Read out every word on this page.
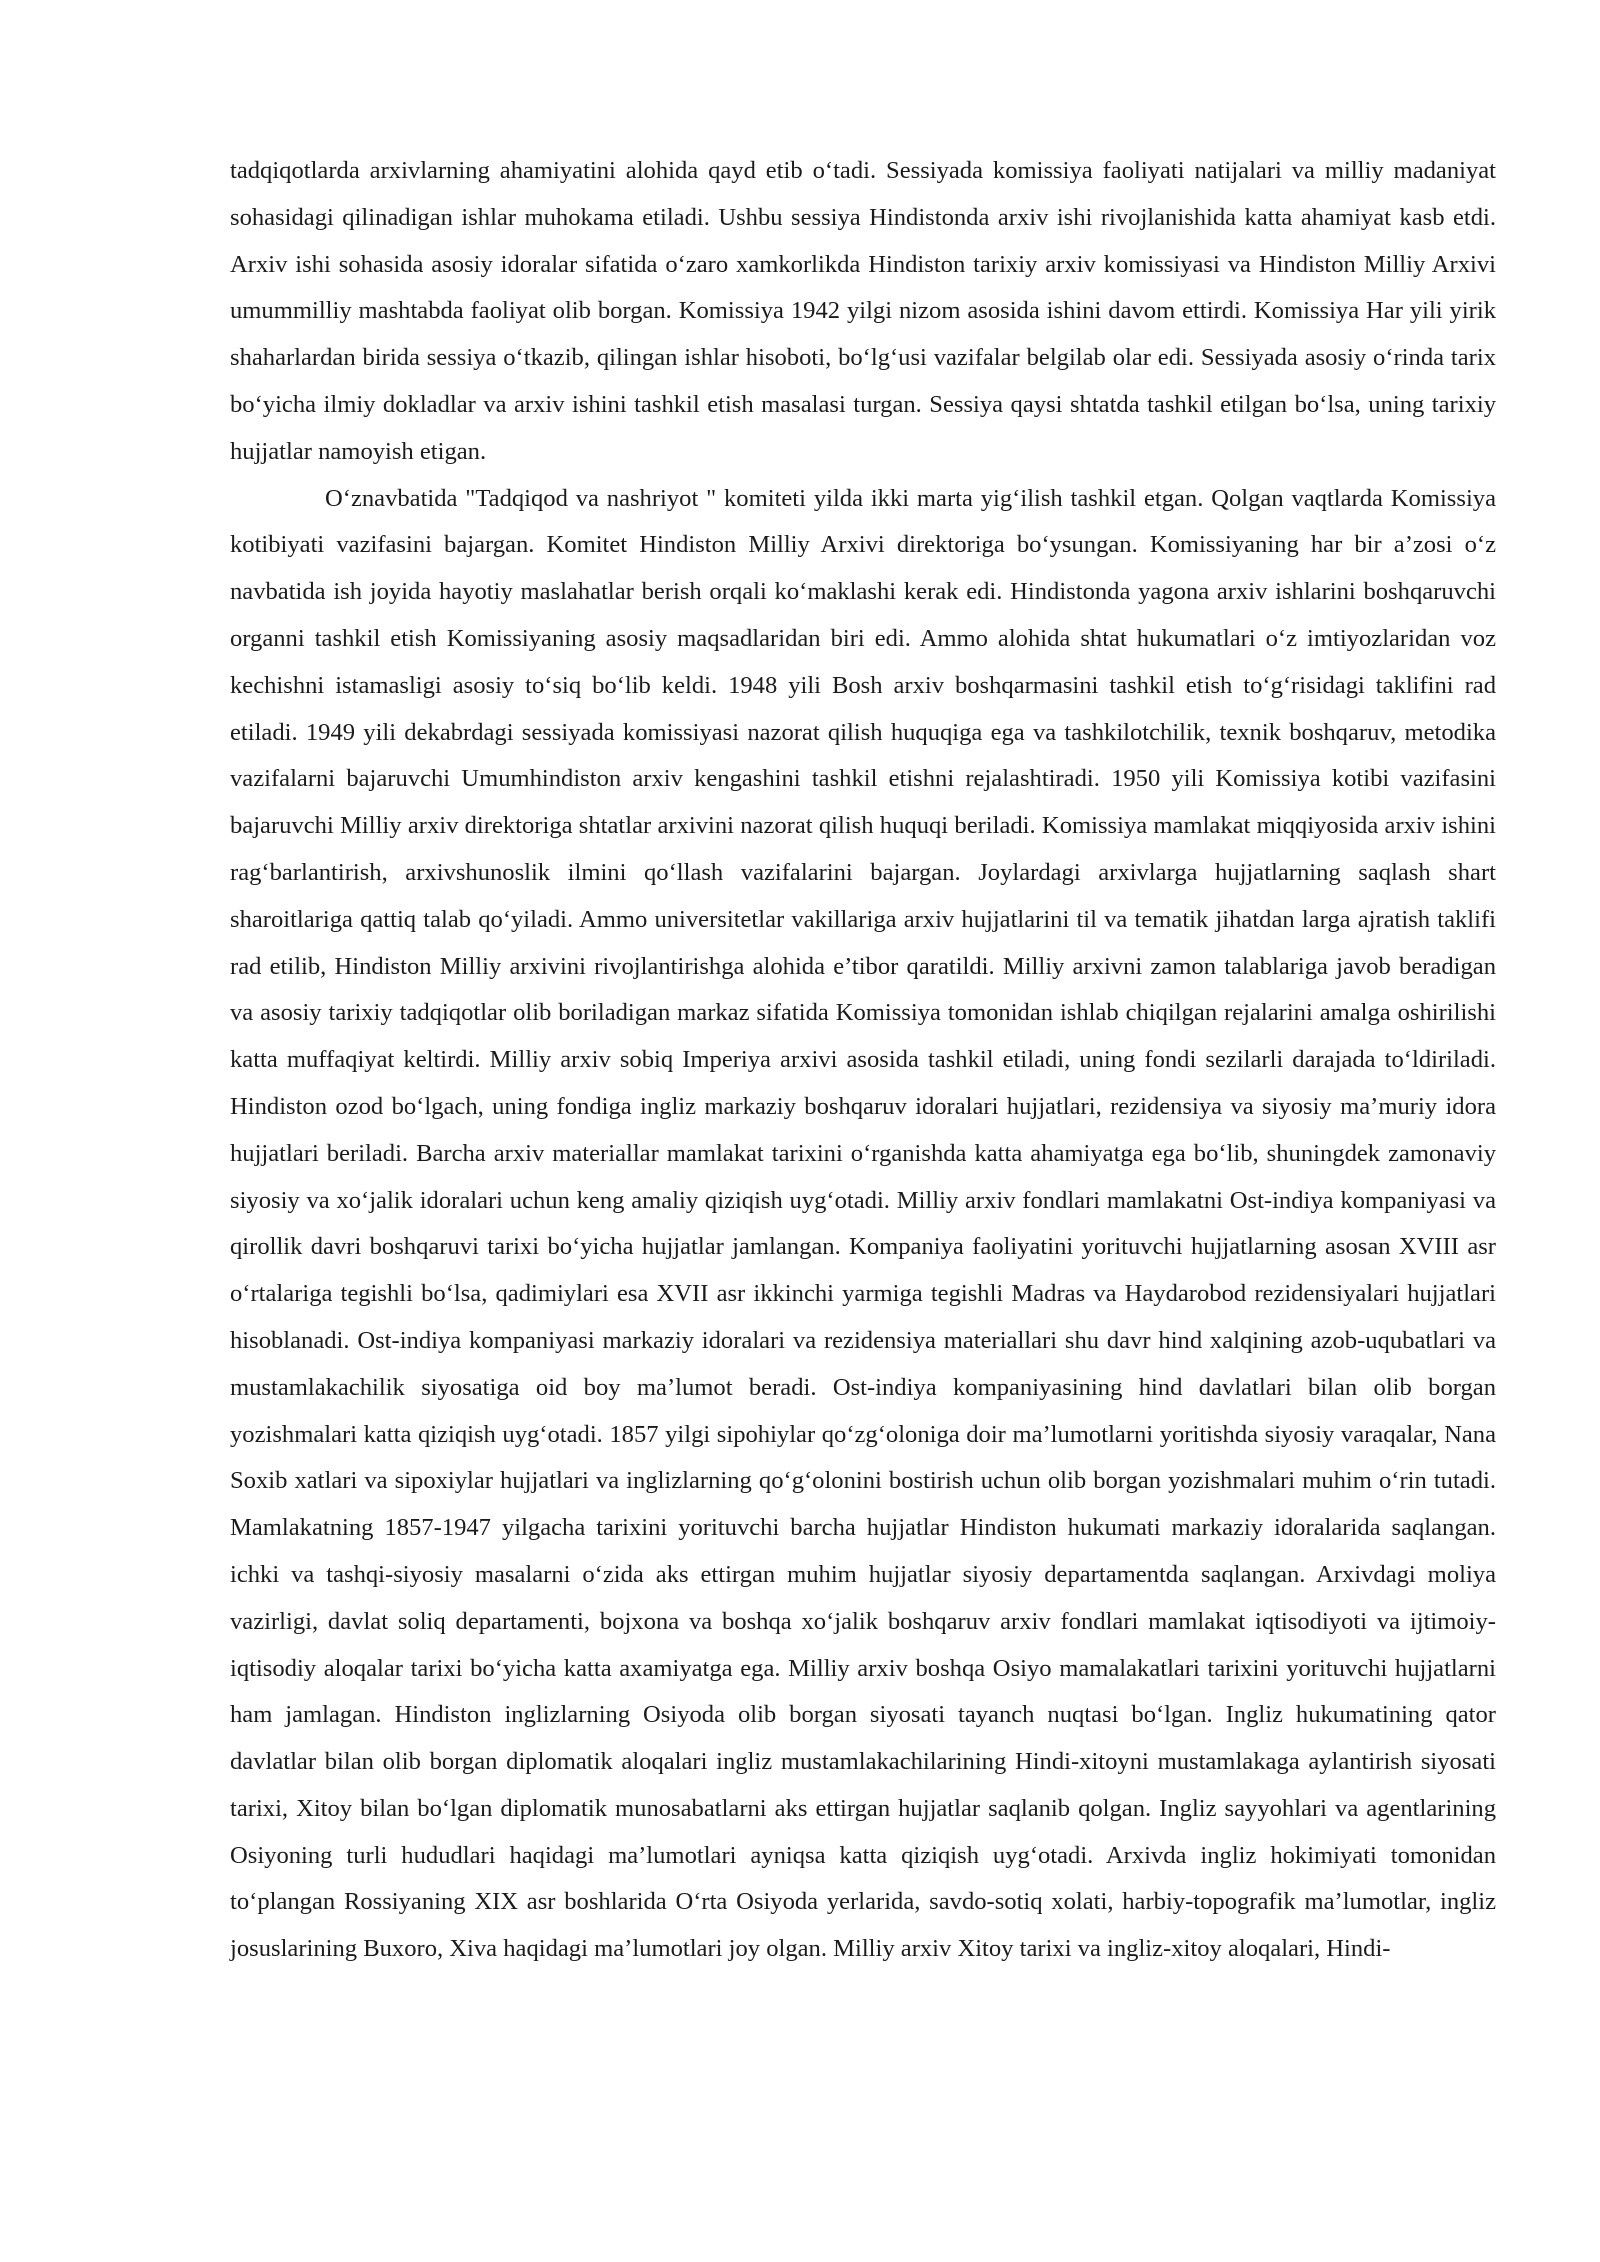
tadqiqotlarda arxivlarning ahamiyatini alohida qayd etib o‘tadi. Sessiyada komissiya faoliyati natijalari va milliy madaniyat sohasidagi qilinadigan ishlar muhokama etiladi. Ushbu sessiya Hindistonda arxiv ishi rivojlanishida katta ahamiyat kasb etdi. Arxiv ishi sohasida asosiy idoralar sifatida o‘zaro xamkorlikda Hindiston tarixiy arxiv komissiyasi va Hindiston Milliy Arxivi umummilliy mashtabda faoliyat olib borgan. Komissiya 1942 yilgi nizom asosida ishini davom ettirdi. Komissiya Har yili yirik shaharlardan birida sessiya o‘tkazib, qilingan ishlar hisoboti, bo‘lg‘usi vazifalar belgilab olar edi. Sessiyada asosiy o‘rinda tarix bo‘yicha ilmiy dokladlar va arxiv ishini tashkil etish masalasi turgan. Sessiya qaysi shtatda tashkil etilgan bo‘lsa, uning tarixiy hujjatlar namoyish etigan.

O‘znavbatida "Tadqiqod va nashriyot " komiteti yilda ikki marta yig‘ilish tashkil etgan. Qolgan vaqtlarda Komissiya kotibiyati vazifasini bajargan. Komitet Hindiston Milliy Arxivi direktoriga bo‘ysungan. Komissiyaning har bir a’zosi o‘z navbatida ish joyida hayotiy maslahatlar berish orqali ko‘maklashi kerak edi. Hindistonda yagona arxiv ishlarini boshqaruvchi organni tashkil etish Komissiyaning asosiy maqsadlaridan biri edi. Ammo alohida shtat hukumatlari o‘z imtiyozlaridan voz kechishni istamasligi asosiy to‘siq bo‘lib keldi. 1948 yili Bosh arxiv boshqarmasini tashkil etish to‘g‘risidagi taklifini rad etiladi. 1949 yili dekabrdagi sessiyada komissiyasi nazorat qilish huquqiga ega va tashkilotchilik, texnik boshqaruv, metodika vazifalarni bajaruvchi Umumhindiston arxiv kengashini tashkil etishni rejalashtiradi. 1950 yili Komissiya kotibi vazifasini bajaruvchi Milliy arxiv direktoriga shtatlar arxivini nazorat qilish huquqi beriladi. Komissiya mamlakat miqqiyosida arxiv ishini rag‘barlantirish, arxivshunoslik ilmini qo‘llash vazifalarini bajargan. Joylardagi arxivlarga hujjatlarning saqlash shart sharoitlariga qattiq talab qo‘yiladi. Ammo universitetlar vakillariga arxiv hujjatlarini til va tematik jihatdan larga ajratish taklifi rad etilib, Hindiston Milliy arxivini rivojlantirishga alohida e’tibor qaratildi. Milliy arxivni zamon talablariga javob beradigan va asosiy tarixiy tadqiqotlar olib boriladigan markaz sifatida Komissiya tomonidan ishlab chiqilgan rejalarini amalga oshirilishi katta muffaqiyat keltirdi. Milliy arxiv sobiq Imperiya arxivi asosida tashkil etiladi, uning fondi sezilarli darajada to‘ldiriladi. Hindiston ozod bo‘lgach, uning fondiga ingliz markaziy boshqaruv idoralari hujjatlari, rezidensiya va siyosiy ma’muriy idora hujjatlari beriladi. Barcha arxiv materiallar mamlakat tarixini o‘rganishda katta ahamiyatga ega bo‘lib, shuningdek zamonaviy siyosiy va xo‘jalik idoralari uchun keng amaliy qiziqish uyg‘otadi. Milliy arxiv fondlari mamlakatni Ost-indiya kompaniyasi va qirollik davri boshqaruvi tarixi bo‘yicha hujjatlar jamlangan. Kompaniya faoliyatini yorituvchi hujjatlarning asosan XVIII asr o‘rtalariga tegishli bo‘lsa, qadimiylari esa XVII asr ikkinchi yarmiga tegishli Madras va Haydarobod rezidensiyalari hujjatlari hisoblanadi. Ost-indiya kompaniyasi markaziy idoralari va rezidensiya materiallari shu davr hind xalqining azob-uqubatlari va mustamlakachilik siyosatiga oid boy ma’lumot beradi. Ost-indiya kompaniyasining hind davlatlari bilan olib borgan yozishmalari katta qiziqish uyg‘otadi. 1857 yilgi sipohiylar qo‘zg‘oloniga doir ma’lumotlarni yoritishda siyosiy varaqalar, Nana Soxib xatlari va sipoxiylar hujjatlari va inglizlarning qo‘g‘olonini bostirish uchun olib borgan yozishmalari muhim o‘rin tutadi. Mamlakatning 1857-1947 yilgacha tarixini yorituvchi barcha hujjatlar Hindiston hukumati markaziy idoralarida saqlangan. ichki va tashqi-siyosiy masalarni o‘zida aks ettirgan muhim hujjatlar siyosiy departamentda saqlangan. Arxivdagi moliya vazirligi, davlat soliq departamenti, bojxona va boshqa xo‘jalik boshqaruv arxiv fondlari mamlakat iqtisodiyoti va ijtimoiy-iqtisodiy aloqalar tarixi bo‘yicha katta axamiyatga ega. Milliy arxiv boshqa Osiyo mamalakatlari tarixini yorituvchi hujjatlarni ham jamlagan. Hindiston inglizlarning Osiyoda olib borgan siyosati tayanch nuqtasi bo‘lgan. Ingliz hukumatining qator davlatlar bilan olib borgan diplomatik aloqalari ingliz mustamlakachilarining Hindi-xitoyni mustamlakaga aylantirish siyosati tarixi, Xitoy bilan bo‘lgan diplomatik munosabatlarni aks ettirgan hujjatlar saqlanib qolgan. Ingliz sayyohlari va agentlarining Osiyoning turli hududlari haqidagi ma’lumotlari ayniqsa katta qiziqish uyg‘otadi. Arxivda ingliz hokimiyati tomonidan to‘plangan Rossiyaning XIX asr boshlarida O‘rta Osiyoda yerlarida, savdo-sotiq xolati, harbiy-topografik ma’lumotlar, ingliz josuslarining Buxoro, Xiva haqidagi ma’lumotlari joy olgan. Milliy arxiv Xitoy tarixi va ingliz-xitoy aloqalari, Hindi-
